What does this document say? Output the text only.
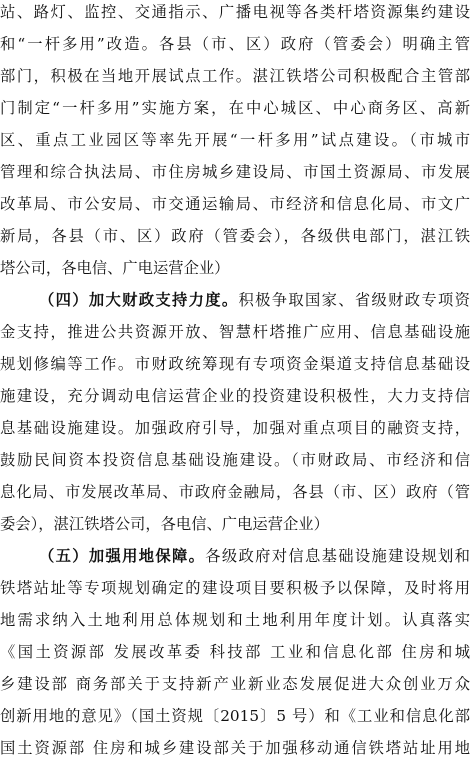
站、路灯、监控、交通指示、广播电视等各类杆塔资源集约建设
和“一杆多用”改造。各县（市、区）政府（管委会）明确主管
部门，积极在当地开展试点工作。湛江铁塔公司积极配合主管部
门制定“一杆多用”实施方案，在中心城区、中心商务区、高新
区、重点工业园区等率先开展“一杆多用”试点建设。（市城市
管理和综合执法局、市住房城乡建设局、市国土资源局、市发展
改革局、市公安局、市交通运输局、市经济和信息化局、市文广
新局，各县（市、区）政府（管委会），各级供电部门，湛江铁
塔公司，各电信、广电运营企业）
（四）加大财政支持力度。积极争取国家、省级财政专项资
金支持，推进公共资源开放、智慧杆塔推广应用、信息基础设施
规划修编等工作。市财政统筹现有专项资金渠道支持信息基础设
施建设，充分调动电信运营企业的投资建设积极性，大力支持信
息基础设施建设。加强政府引导，加强对重点项目的融资支持，
鼓励民间资本投资信息基础设施建设。（市财政局、市经济和信
息化局、市发展改革局、市政府金融局，各县（市、区）政府（管
委会），湛江铁塔公司，各电信、广电运营企业）
（五）加强用地保障。各级政府对信息基础设施建设规划和
铁塔站址等专项规划确定的建设项目要积极予以保障，及时将用
地需求纳入土地利用总体规划和土地利用年度计划。认真落实
《国土资源部 发展改革委 科技部 工业和信息化部 住房和城
乡建设部 商务部关于支持新产业新业态发展促进大众创业万众
创新用地的意见》（国土资规〔2015〕5 号）和《工业和信息化部
国土资源部 住房和城乡建设部关于加强移动通信铁塔站址用地
